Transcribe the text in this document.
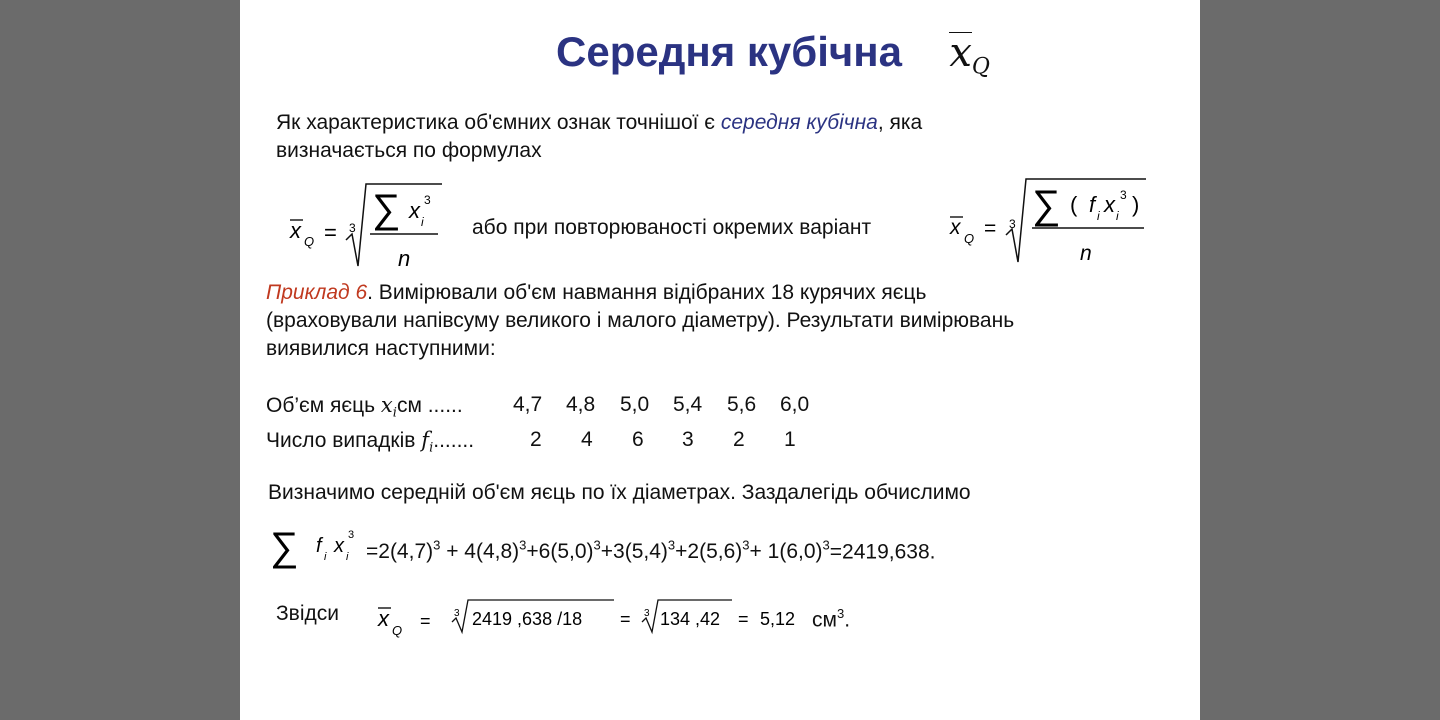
Середня кубічна $x_Q$
Як характеристика об'ємних ознак точнішої є середня кубічна, яка
визначається по формулах
x Q = 3 ∑ x i
3
n
або при повторюваності окремих варіант	x Q = 3 ∑ ( f i x i
3 )
n
Приклад 6. Вимірювали об'єм навмання відібраних 18 курячих яєць
(враховували напівсуму великого і малого діаметру). Результати вимірювань
виявилися наступними:
Об’єм яєць $x_iсм$ ......
Число випадків $f_i$.......
4,7 4,8 5,0 5,4 5,6 6,0
2 4 6 3 2 1
Визначимо середній об'єм яєць по їх діаметрах. Заздалегідь обчислимо
∑ f i x i
3
$=2(4,7)^3 + 4(4,8)^3+6(5,0)^3+3(5,4)^3+2(5,6)^3+ 1(6,0)^3=2419,638$.
Звідси x Q = 3 2419 ,638 /18 = 3 134 ,42 = 5,12 $см^3$.
